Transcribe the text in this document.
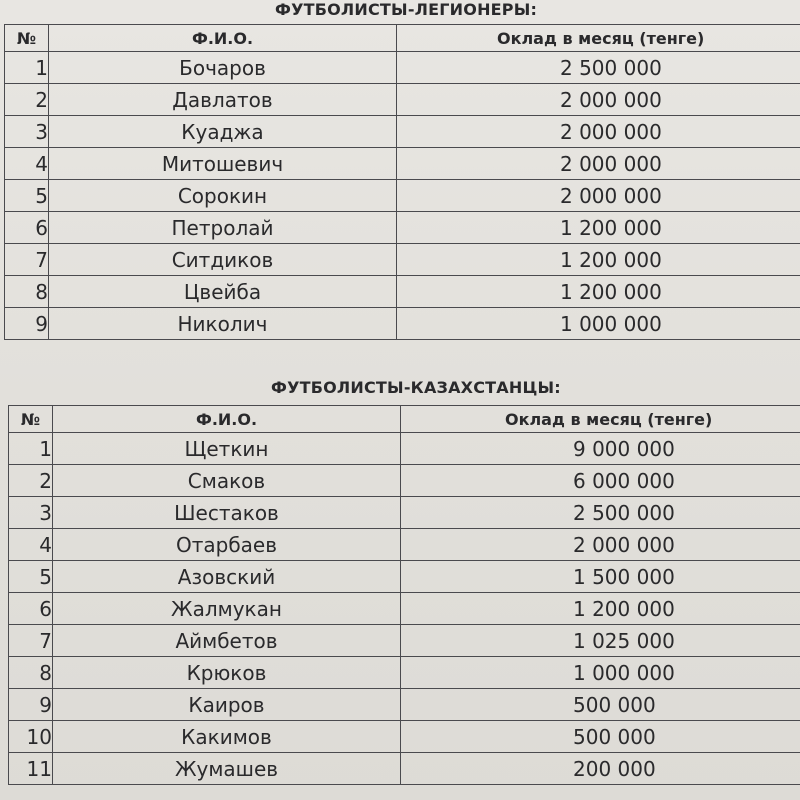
ФУТБОЛИСТЫ-ЛЕГИОНЕРЫ:
№	Ф.И.О.	Оклад в месяц (тенге)
1	Бочаров	2 500 000
2	Давлатов	2 000 000
3	Куаджа	2 000 000
4	Митошевич	2 000 000
5	Сорокин	2 000 000
6	Петролай	1 200 000
7	Ситдиков	1 200 000
8	Цвейба	1 200 000
9	Николич	1 000 000
ФУТБОЛИСТЫ-КАЗАХСТАНЦЫ:
№	Ф.И.О.	Оклад в месяц (тенге)
1	Щеткин	9 000 000
2	Смаков	6 000 000
3	Шестаков	2 500 000
4	Отарбаев	2 000 000
5	Азовский	1 500 000
6	Жалмукан	1 200 000
7	Аймбетов	1 025 000
8	Крюков	1 000 000
9	Каиров	500 000
10	Какимов	500 000
11	Жумашев	200 000
